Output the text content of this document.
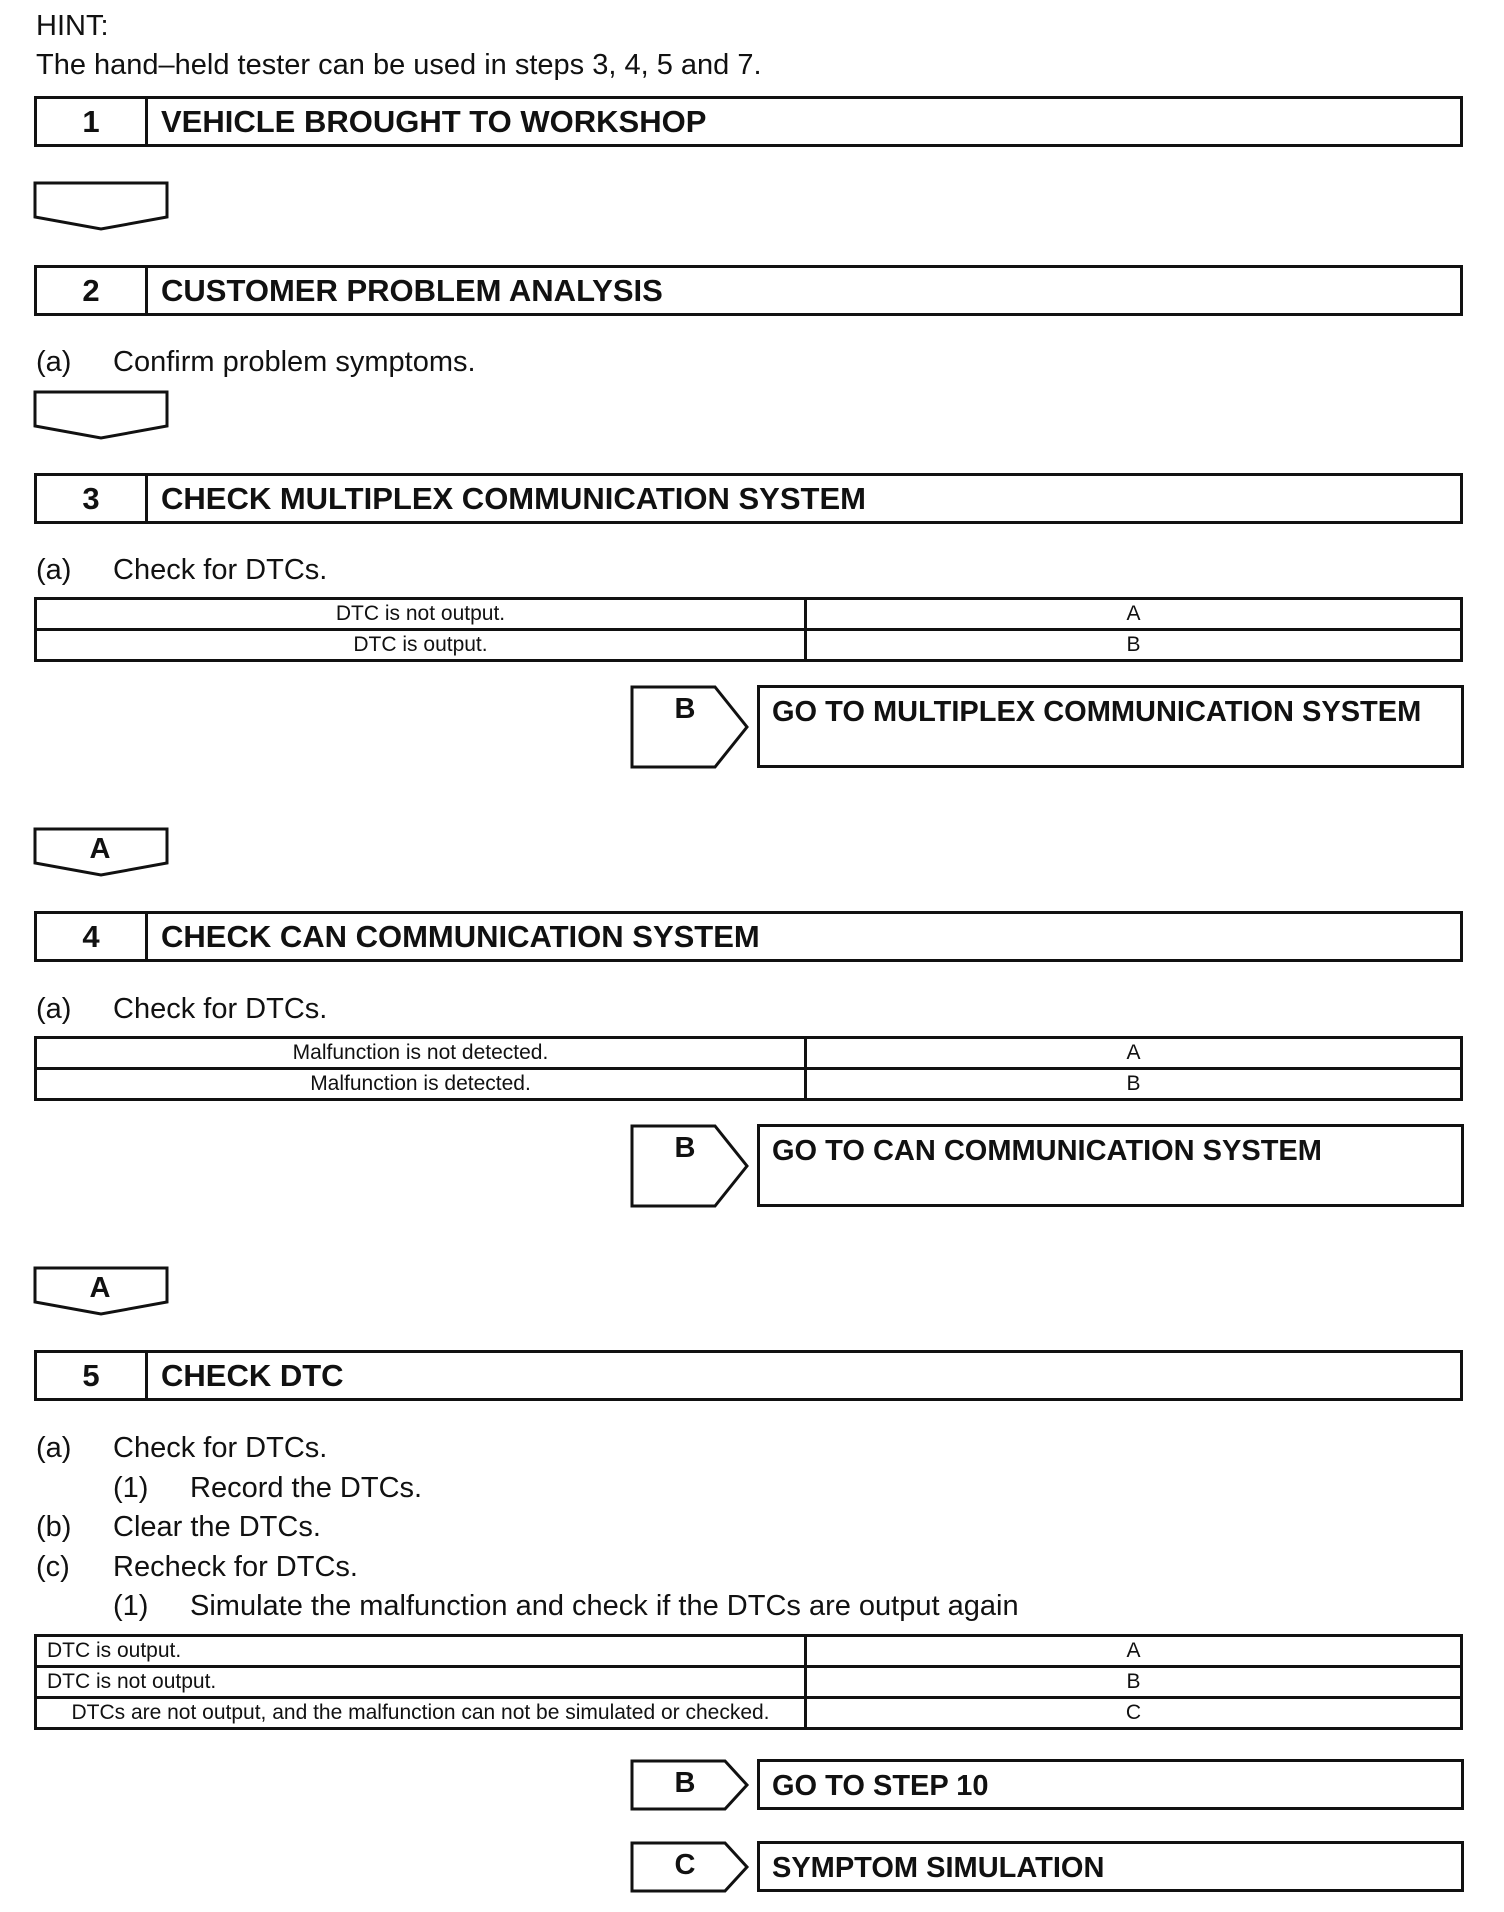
HINT:
The hand–held tester can be used in steps 3, 4, 5 and 7.
1	VEHICLE BROUGHT TO WORKSHOP
2	CUSTOMER PROBLEM ANALYSIS
(a) Confirm problem symptoms.
3	CHECK MULTIPLEX COMMUNICATION SYSTEM
(a) Check for DTCs.
DTC is not output.	A
DTC is output.	B
B	GO TO MULTIPLEX COMMUNICATION SYSTEM
A
4	CHECK CAN COMMUNICATION SYSTEM
(a) Check for DTCs.
Malfunction is not detected.	A
Malfunction is detected.	B
B	GO TO CAN COMMUNICATION SYSTEM
A
5	CHECK DTC
(a) Check for DTCs.
(1) Record the DTCs.
(b) Clear the DTCs.
(c) Recheck for DTCs.
(1) Simulate the malfunction and check if the DTCs are output again
DTC is output.	A
DTC is not output.	B
DTCs are not output, and the malfunction can not be simulated or checked.	C
B	GO TO STEP 10
C	SYMPTOM SIMULATION
